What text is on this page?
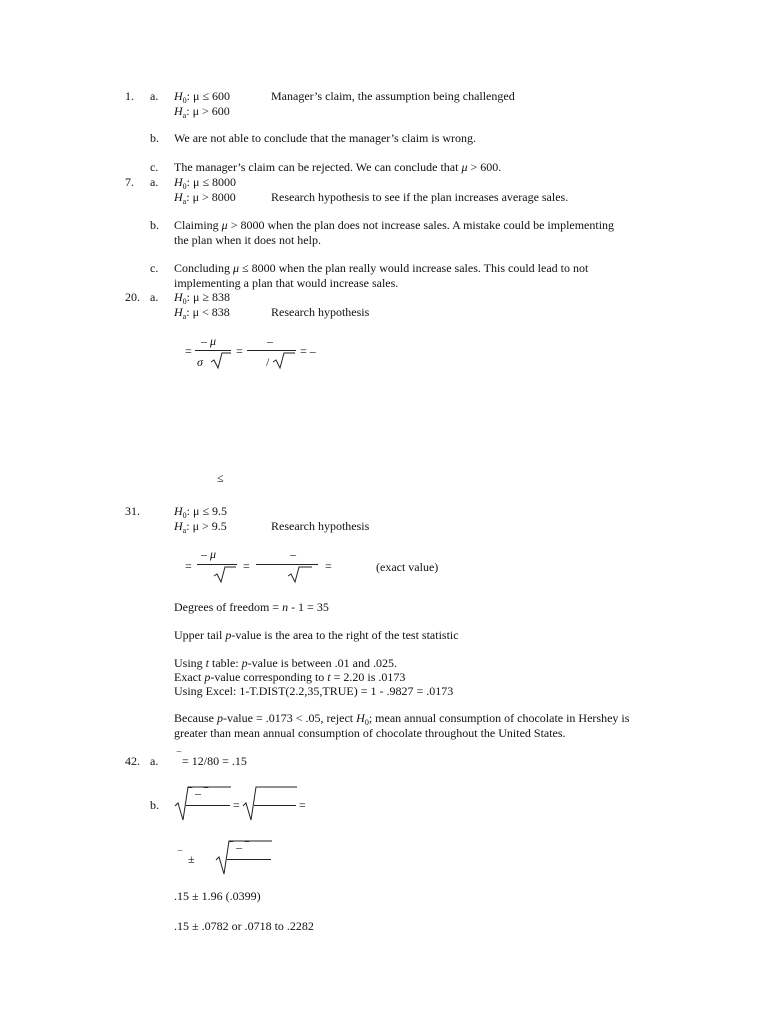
1. a. $H_0$: μ ≤ 600	Manager’s claim, the assumption being challenged
$H_a$: μ > 600
b. We are not able to conclude that the manager’s claim is wrong.
c. The manager’s claim can be rejected. We can conclude that μ > 600.
7. a. $H_0$: μ ≤ 8000
$H_a$: μ > 8000	Research hypothesis to see if the plan increases average sales.
b. Claiming μ > 8000 when the plan does not increase sales. A mistake could be implementing
the plan when it does not help.
c. Concluding μ ≤ 8000 when the plan really would increase sales. This could lead to not
implementing a plan that would increase sales.
20. a. $H_0$: μ ≥ 838
$H_a$: μ < 838	Research hypothesis
=
– μ
σ
=
–
/
= –
≤
31.	$H_0$: μ ≤ 9.5
$H_a$: μ > 9.5	Research hypothesis
=
– μ
=
–
=	(exact value)
Degrees of freedom = n - 1 = 35
Upper tail p-value is the area to the right of the test statistic
Using t table: p-value is between .01 and .025.
Exact p-value corresponding to t = 2.20 is .0173
Using Excel: 1-T.DIST(2.2,35,TRUE) = 1 - .9827 = .0173
Because p-value = .0173 < .05, reject $H_0$; mean annual consumption of chocolate in Hershey is
greater than mean annual consumption of chocolate throughout the United States.
42. a. ‾ = 12/80 = .15
b.
‾ – ‾
=	=
‾ ±
‾ – ‾
.15 ± 1.96 (.0399)
.15 ± .0782 or .0718 to .2282
